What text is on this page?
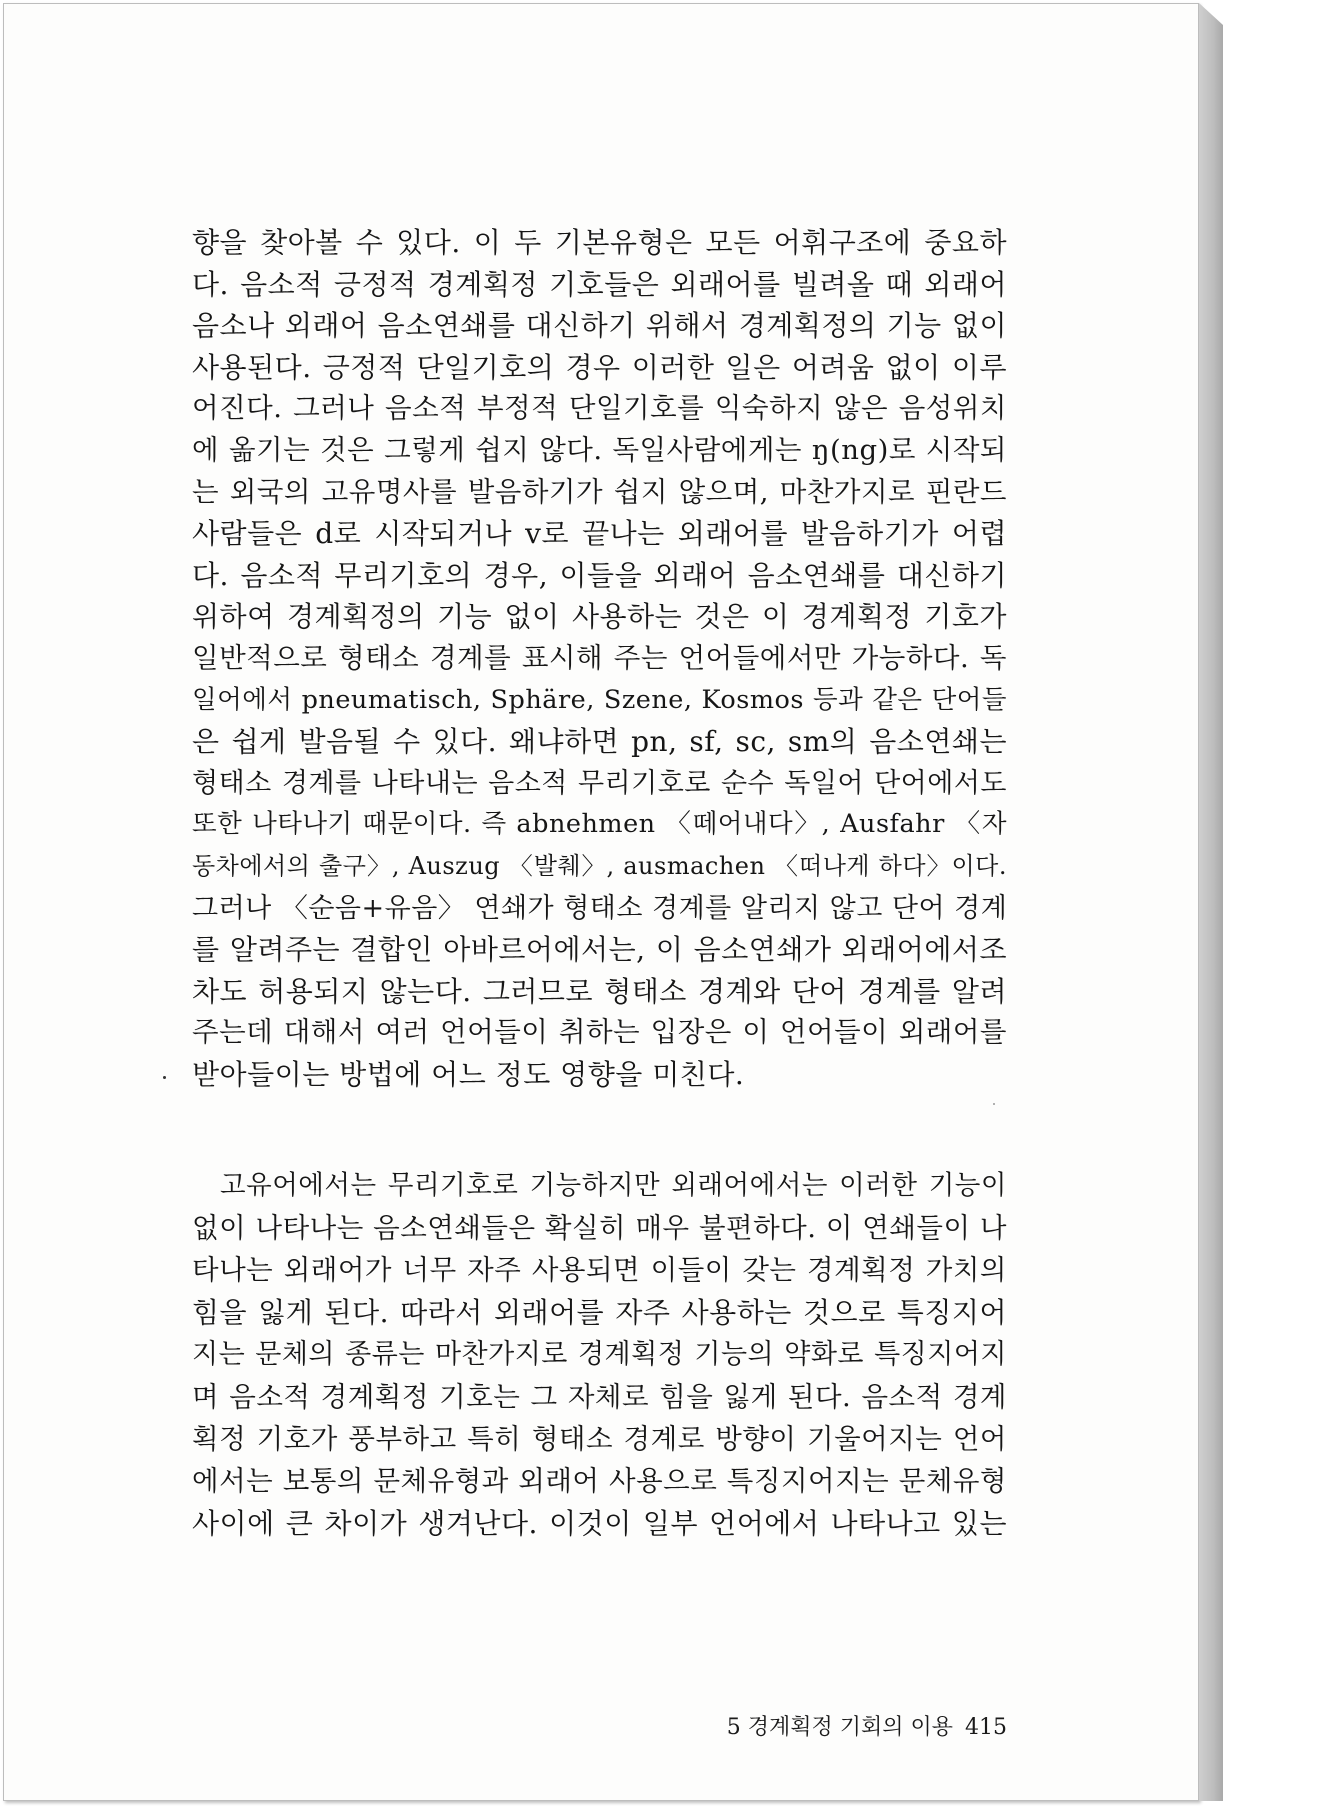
향을 찾아볼 수 있다. 이 두 기본유형은 모든 어휘구조에 중요하
다. 음소적 긍정적 경계획정 기호들은 외래어를 빌려올 때 외래어
음소나 외래어 음소연쇄를 대신하기 위해서 경계획정의 기능 없이
사용된다. 긍정적 단일기호의 경우 이러한 일은 어려움 없이 이루
어진다. 그러나 음소적 부정적 단일기호를 익숙하지 않은 음성위치
에 옮기는 것은 그렇게 쉽지 않다. 독일사람에게는 ŋ(ng)로 시작되
는 외국의 고유명사를 발음하기가 쉽지 않으며, 마찬가지로 핀란드
사람들은 d로 시작되거나 v로 끝나는 외래어를 발음하기가 어렵
다. 음소적 무리기호의 경우, 이들을 외래어 음소연쇄를 대신하기
위하여 경계획정의 기능 없이 사용하는 것은 이 경계획정 기호가
일반적으로 형태소 경계를 표시해 주는 언어들에서만 가능하다. 독
일어에서 pneumatisch, Sphäre, Szene, Kosmos 등과 같은 단어들
은 쉽게 발음될 수 있다. 왜냐하면 pn, sf, sc, sm의 음소연쇄는
형태소 경계를 나타내는 음소적 무리기호로 순수 독일어 단어에서도
또한 나타나기 때문이다. 즉 abnehmen 〈떼어내다〉, Ausfahr 〈자
동차에서의 출구〉, Auszug 〈발췌〉, ausmachen 〈떠나게 하다〉이다.
그러나 〈순음+유음〉 연쇄가 형태소 경계를 알리지 않고 단어 경계
를 알려주는 결합인 아바르어에서는, 이 음소연쇄가 외래어에서조
차도 허용되지 않는다. 그러므로 형태소 경계와 단어 경계를 알려
주는데 대해서 여러 언어들이 취하는 입장은 이 언어들이 외래어를
받아들이는 방법에 어느 정도 영향을 미친다.
고유어에서는 무리기호로 기능하지만 외래어에서는 이러한 기능이
없이 나타나는 음소연쇄들은 확실히 매우 불편하다. 이 연쇄들이 나
타나는 외래어가 너무 자주 사용되면 이들이 갖는 경계획정 가치의
힘을 잃게 된다. 따라서 외래어를 자주 사용하는 것으로 특징지어
지는 문체의 종류는 마찬가지로 경계획정 기능의 약화로 특징지어지
며 음소적 경계획정 기호는 그 자체로 힘을 잃게 된다. 음소적 경계
획정 기호가 풍부하고 특히 형태소 경계로 방향이 기울어지는 언어
에서는 보통의 문체유형과 외래어 사용으로 특징지어지는 문체유형
사이에 큰 차이가 생겨난다. 이것이 일부 언어에서 나타나고 있는
5 경계획정 기회의 이용 415
